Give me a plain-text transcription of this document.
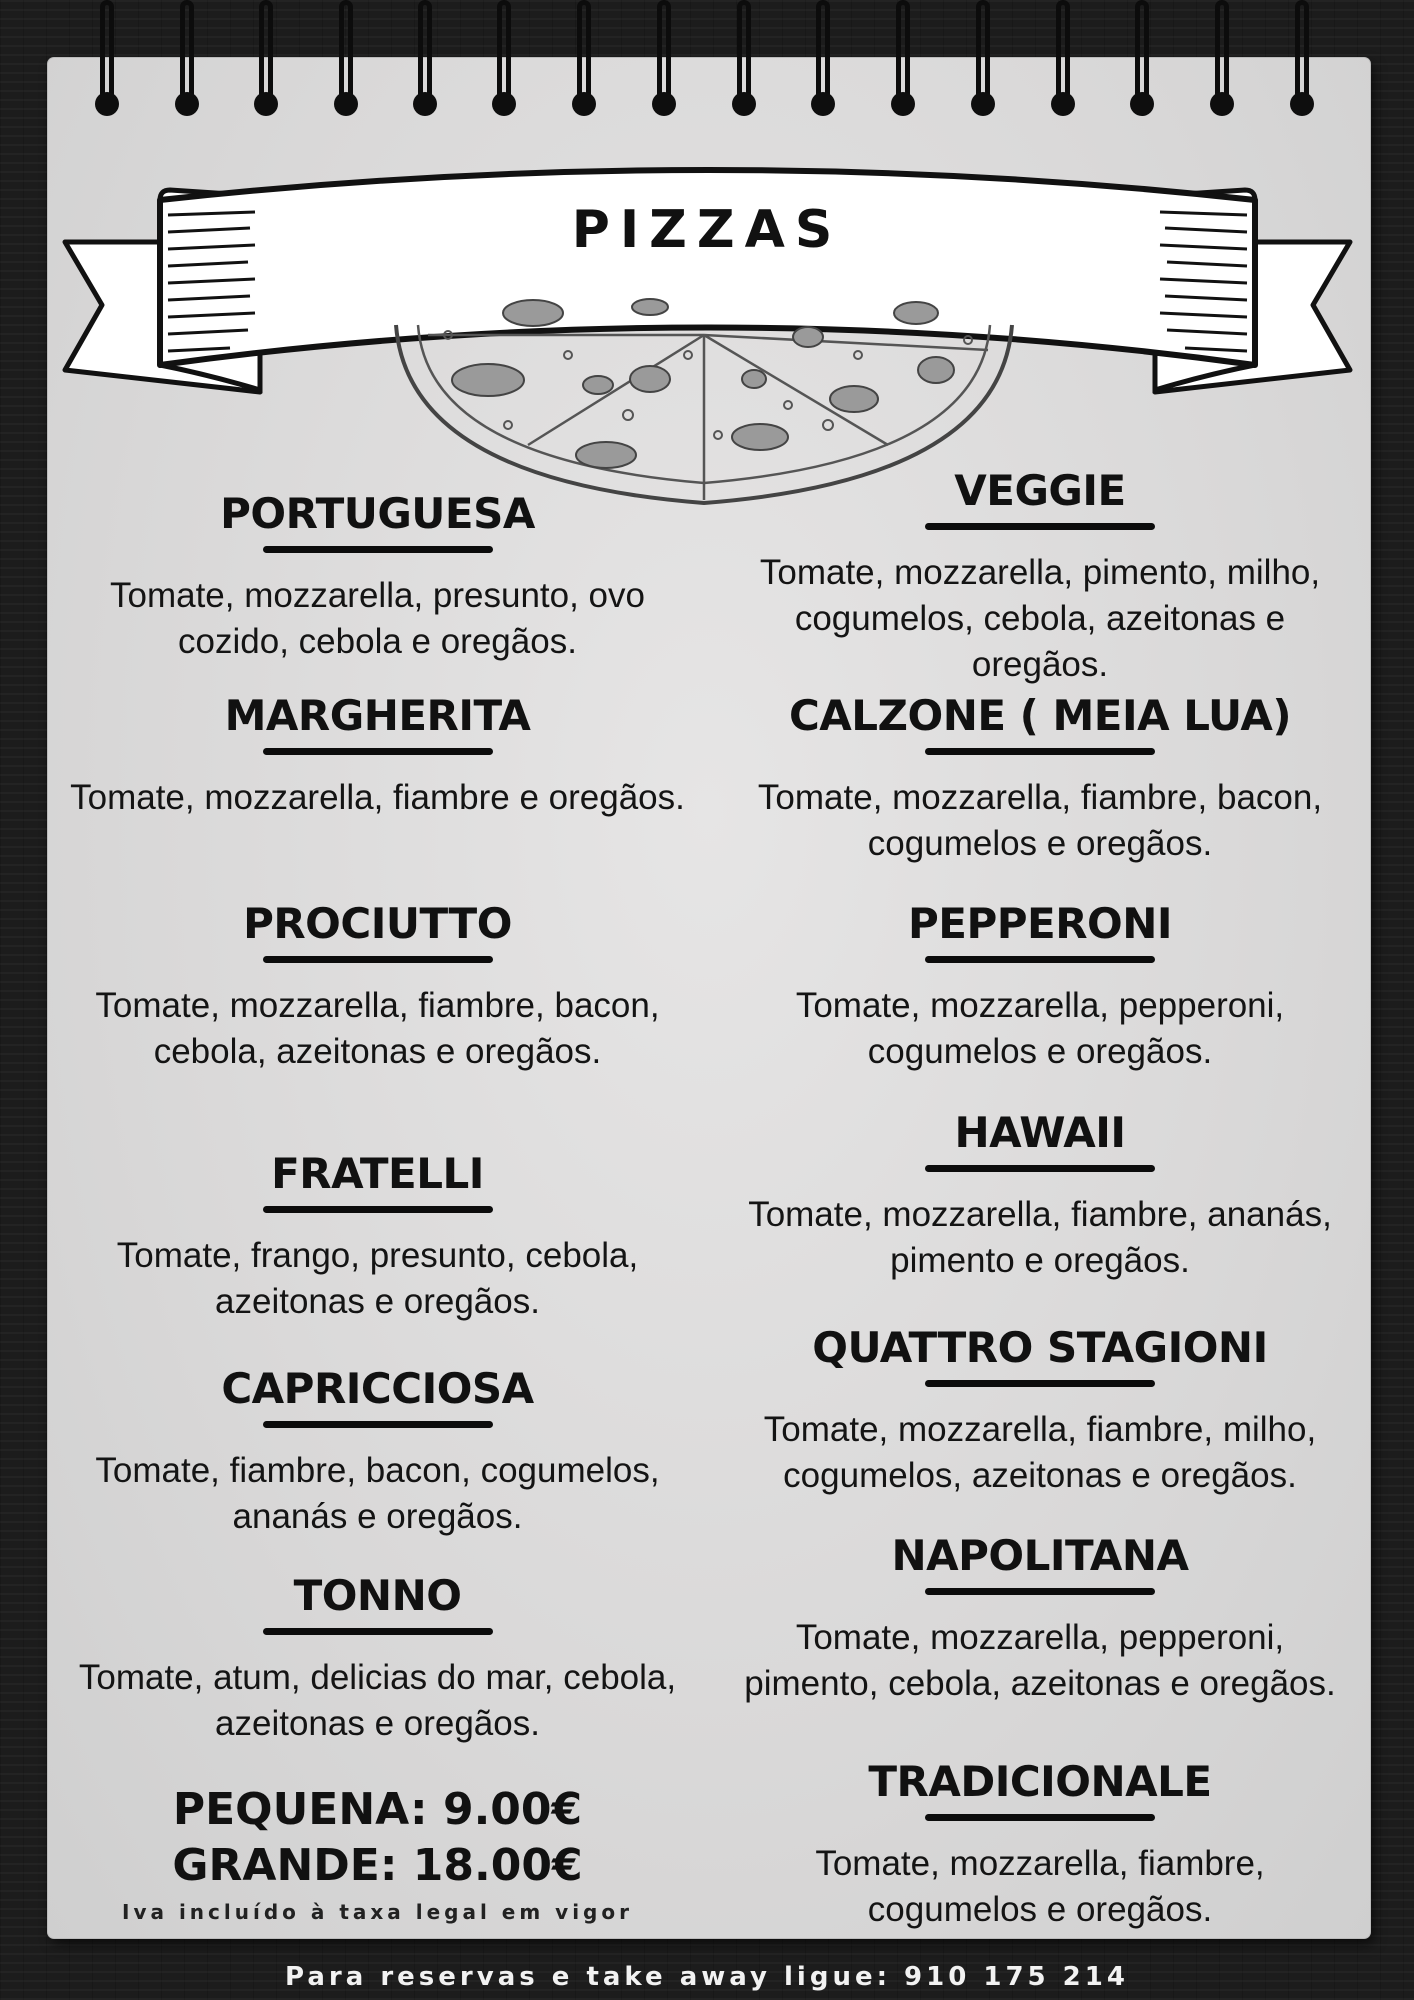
PIZZAS
PORTUGUESA
Tomate, mozzarella, presunto, ovo cozido, cebola e oregãos.
MARGHERITA
Tomate, mozzarella, fiambre e oregãos.
PROCIUTTO
Tomate, mozzarella, fiambre, bacon, cebola, azeitonas e oregãos.
FRATELLI
Tomate, frango, presunto, cebola, azeitonas e oregãos.
CAPRICCIOSA
Tomate, fiambre, bacon, cogumelos, ananás e oregãos.
TONNO
Tomate, atum, delicias do mar, cebola, azeitonas e oregãos.
VEGGIE
Tomate, mozzarella, pimento, milho, cogumelos, cebola, azeitonas e oregãos.
CALZONE ( MEIA LUA)
Tomate, mozzarella, fiambre, bacon, cogumelos e oregãos.
PEPPERONI
Tomate, mozzarella, pepperoni, cogumelos e oregãos.
HAWAII
Tomate, mozzarella, fiambre, ananás, pimento e oregãos.
QUATTRO STAGIONI
Tomate, mozzarella, fiambre, milho, cogumelos, azeitonas e oregãos.
NAPOLITANA
Tomate, mozzarella, pepperoni, pimento, cebola, azeitonas e oregãos.
TRADICIONALE
Tomate, mozzarella, fiambre, cogumelos e oregãos.
PEQUENA: 9.00€
GRANDE: 18.00€
Iva incluído à taxa legal em vigor
Para reservas e take away ligue: 910 175 214
